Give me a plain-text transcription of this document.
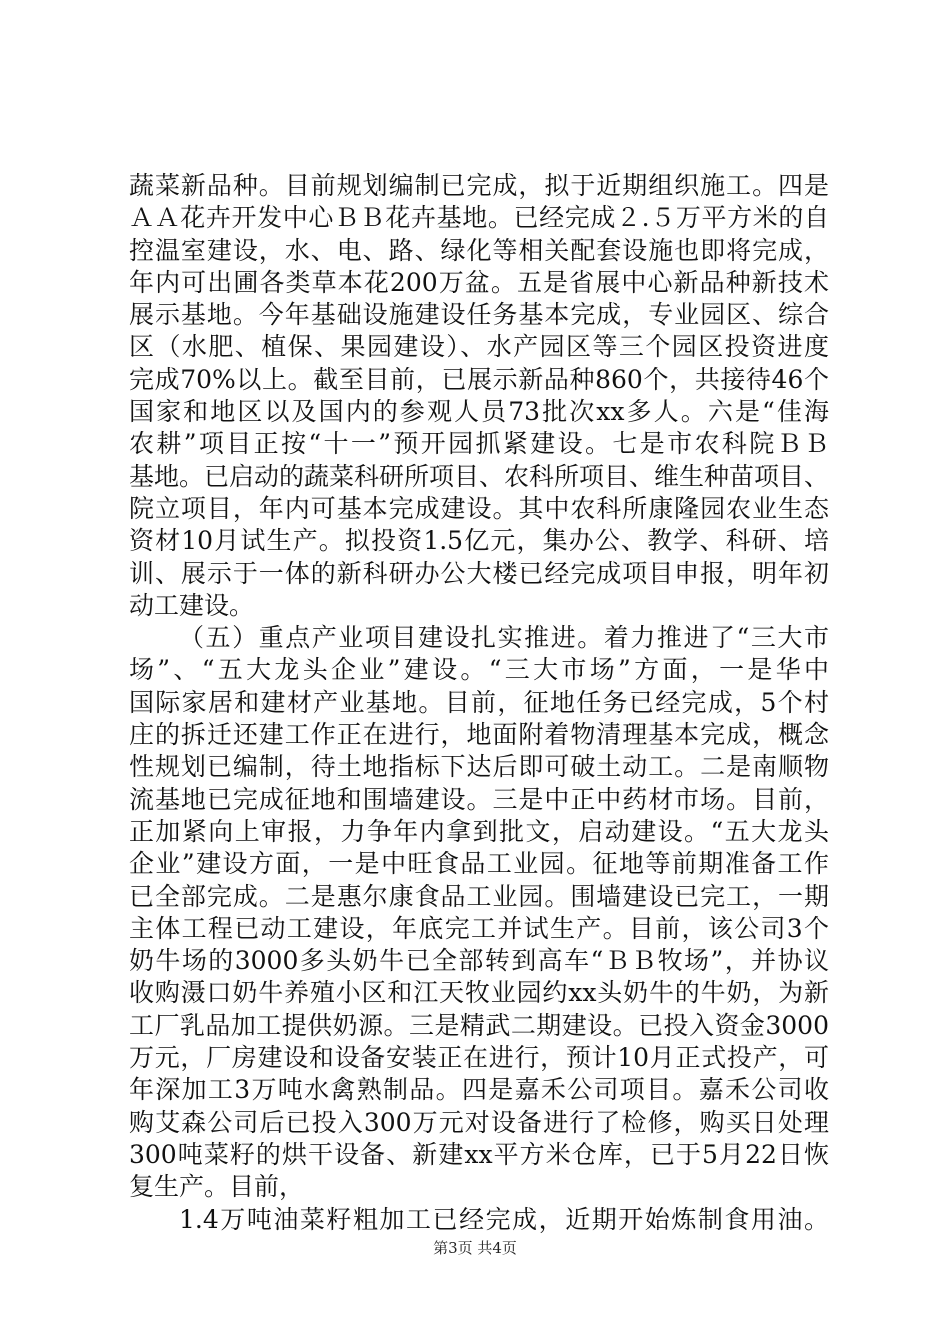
蔬菜新品种。目前规划编制已完成，拟于近期组织施工。四是
ＡＡ花卉开发中心ＢＢ花卉基地。已经完成２.５万平方米的自
控温室建设，水、电、路、绿化等相关配套设施也即将完成，
年内可出圃各类草本花200万盆。五是省展中心新品种新技术
展示基地。今年基础设施建设任务基本完成，专业园区、综合
区（水肥、植保、果园建设）、水产园区等三个园区投资进度
完成70%以上。截至目前，已展示新品种860个，共接待46个
国家和地区以及国内的参观人员73批次xx多人。六是“佳海
农耕”项目正按“十一”预开园抓紧建设。七是市农科院ＢＢ
基地。已启动的蔬菜科研所项目、农科所项目、维生种苗项目、
院立项目，年内可基本完成建设。其中农科所康隆园农业生态
资材10月试生产。拟投资1.5亿元，集办公、教学、科研、培
训、展示于一体的新科研办公大楼已经完成项目申报，明年初
动工建设。
（五）重点产业项目建设扎实推进。着力推进了“三大市
场”、“五大龙头企业”建设。“三大市场”方面，一是华中
国际家居和建材产业基地。目前，征地任务已经完成，5个村
庄的拆迁还建工作正在进行，地面附着物清理基本完成，概念
性规划已编制，待土地指标下达后即可破土动工。二是南顺物
流基地已完成征地和围墙建设。三是中正中药材市场。目前，
正加紧向上审报，力争年内拿到批文，启动建设。“五大龙头
企业”建设方面，一是中旺食品工业园。征地等前期准备工作
已全部完成。二是惠尔康食品工业园。围墙建设已完工，一期
主体工程已动工建设，年底完工并试生产。目前，该公司3个
奶牛场的3000多头奶牛已全部转到高车“ＢＢ牧场”，并协议
收购滠口奶牛养殖小区和江天牧业园约xx头奶牛的牛奶，为新
工厂乳品加工提供奶源。三是精武二期建设。已投入资金3000
万元，厂房建设和设备安装正在进行，预计10月正式投产，可
年深加工3万吨水禽熟制品。四是嘉禾公司项目。嘉禾公司收
购艾森公司后已投入300万元对设备进行了检修，购买日处理
300吨菜籽的烘干设备、新建xx平方米仓库，已于5月22日恢
复生产。目前，
1.4万吨油菜籽粗加工已经完成，近期开始炼制食用油。
第3页 共4页
